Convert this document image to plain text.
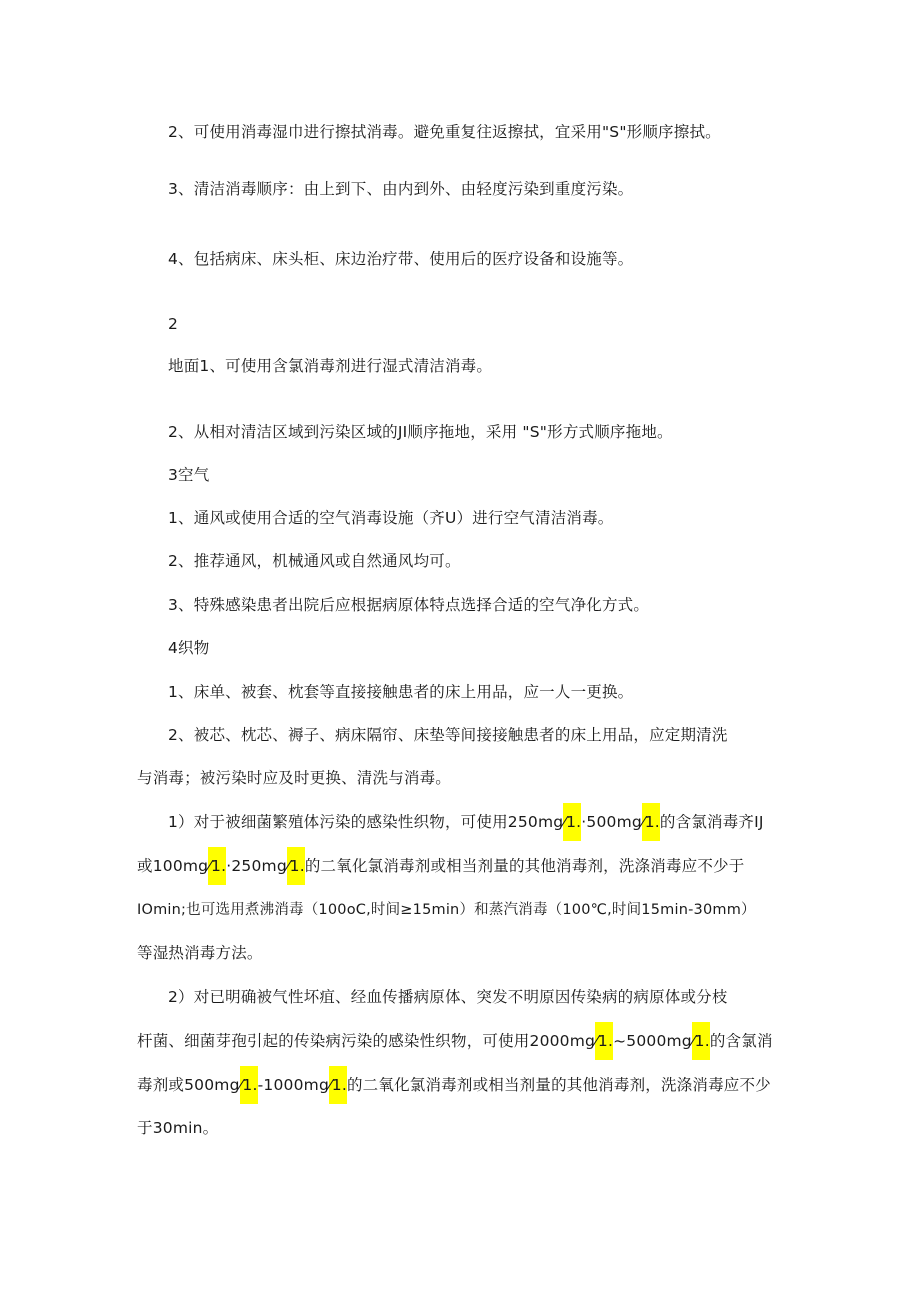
2、可使用消毒湿巾进行擦拭消毒。避免重复往返擦拭，宜采用"S"形顺序擦拭。
3、清洁消毒顺序：由上到下、由内到外、由轻度污染到重度污染。
4、包括病床、床头柜、床边治疗带、使用后的医疗设备和设施等。
2
地面1、可使用含氯消毒剂进行湿式清洁消毒。
2、从相对清洁区域到污染区域的JI顺序拖地，采用 "S"形方式顺序拖地。
3空气
1、通风或使用合适的空气消毒设施（齐U）进行空气清洁消毒。
2、推荐通风，机械通风或自然通风均可。
3、特殊感染患者出院后应根据病原体特点选择合适的空气净化方式。
4织物
1、床单、被套、枕套等直接接触患者的床上用品，应一人一更换。
2、被芯、枕芯、褥子、病床隔帘、床垫等间接接触患者的床上用品，应定期清洗
与消毒；被污染时应及时更换、清洗与消毒。
1）对于被细菌繁殖体污染的感染性织物，可使用250mg⁄1.·500mg⁄1.的含氯消毒齐IJ
或100mg⁄1.·250mg⁄1.的二氧化氯消毒剂或相当剂量的其他消毒剂，洗涤消毒应不少于
IOmin;也可选用煮沸消毒（100oC,时间≥15min）和蒸汽消毒（100℃,时间15min-30mm）
等湿热消毒方法。
2）对已明确被气性坏疽、经血传播病原体、突发不明原因传染病的病原体或分枝
杆菌、细菌芽孢引起的传染病污染的感染性织物，可使用2000mg⁄1.~5000mg⁄1.的含氯消
毒剂或500mg⁄1.-1000mg⁄1.的二氧化氯消毒剂或相当剂量的其他消毒剂，洗涤消毒应不少
于30min。
